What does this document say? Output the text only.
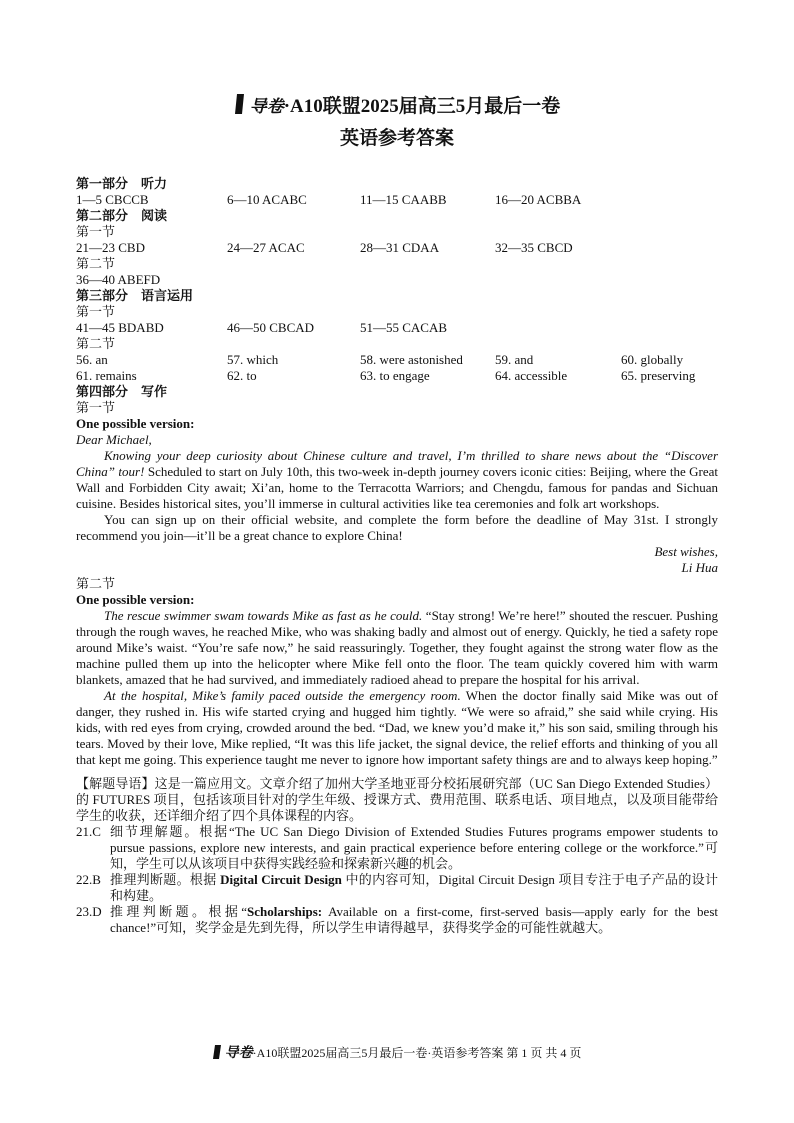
导卷·A10联盟2025届高三5月最后一卷
英语参考答案
第一部分　听力
1—5 CBCCB	6—10 ACABC	11—15 CAABB	16—20 ACBBA
第二部分　阅读
第一节
21—23 CBD	24—27 ACAC	28—31 CDAA	32—35 CBCD
第二节
36—40 ABEFD
第三部分　语言运用
第一节
41—45 BDABD	46—50 CBCAD	51—55 CACAB
第二节
56. an	57. which	58. were astonished	59. and	60. globally
61. remains	62. to	63. to engage	64. accessible	65. preserving
第四部分　写作
第一节
One possible version:
Dear Michael,

Knowing your deep curiosity about Chinese culture and travel, I’m thrilled to share news about the “Discover China” tour! Scheduled to start on July 10th, this two-week in-depth journey covers iconic cities: Beijing, where the Great Wall and Forbidden City await; Xi’an, home to the Terracotta Warriors; and Chengdu, famous for pandas and Sichuan cuisine. Besides historical sites, you’ll immerse in cultural activities like tea ceremonies and folk art workshops.

You can sign up on their official website, and complete the form before the deadline of May 31st. I strongly recommend you join—it’ll be a great chance to explore China!

Best wishes,
Li Hua
第二节
One possible version:

The rescue swimmer swam towards Mike as fast as he could. “Stay strong! We’re here!” shouted the rescuer. Pushing through the rough waves, he reached Mike, who was shaking badly and almost out of energy. Quickly, he tied a safety rope around Mike’s waist. “You’re safe now,” he said reassuringly. Together, they fought against the strong water flow as the machine pulled them up into the helicopter where Mike fell onto the floor. The team quickly covered him with warm blankets, amazed that he had survived, and immediately radioed ahead to prepare the hospital for his arrival.

At the hospital, Mike’s family paced outside the emergency room. When the doctor finally said Mike was out of danger, they rushed in. His wife started crying and hugged him tightly. “We were so afraid,” she said while crying. His kids, with red eyes from crying, crowded around the bed. “Dad, we knew you’d make it,” his son said, smiling through his tears. Moved by their love, Mike replied, “It was this life jacket, the signal device, the relief efforts and thinking of you all that kept me going. This experience taught me never to ignore how important safety things are and to always keep hoping.”

【解题导语】这是一篇应用文。文章介绍了加州大学圣地亚哥分校拓展研究部（UC San Diego Extended Studies）的 FUTURES 项目，包括该项目针对的学生年级、授课方式、费用范围、联系电话、项目地点，以及项目能带给学生的收获，还详细介绍了四个具体课程的内容。

21.C 细节理解题。根据“The UC San Diego Division of Extended Studies Futures programs empower students to pursue passions, explore new interests, and gain practical experience before entering college or the workforce.”可知，学生可以从该项目中获得实践经验和探索新兴趣的机会。
22.B 推理判断题。根据 Digital Circuit Design 中的内容可知，Digital Circuit Design 项目专注于电子产品的设计和构建。
23.D 推理判断题。根据“Scholarships: Available on a first-come, first-served basis—apply early for the best chance!”可知，奖学金是先到先得，所以学生申请得越早，获得奖学金的可能性就越大。
导卷·A10联盟2025届高三5月最后一卷·英语参考答案 第 1 页 共 4 页
